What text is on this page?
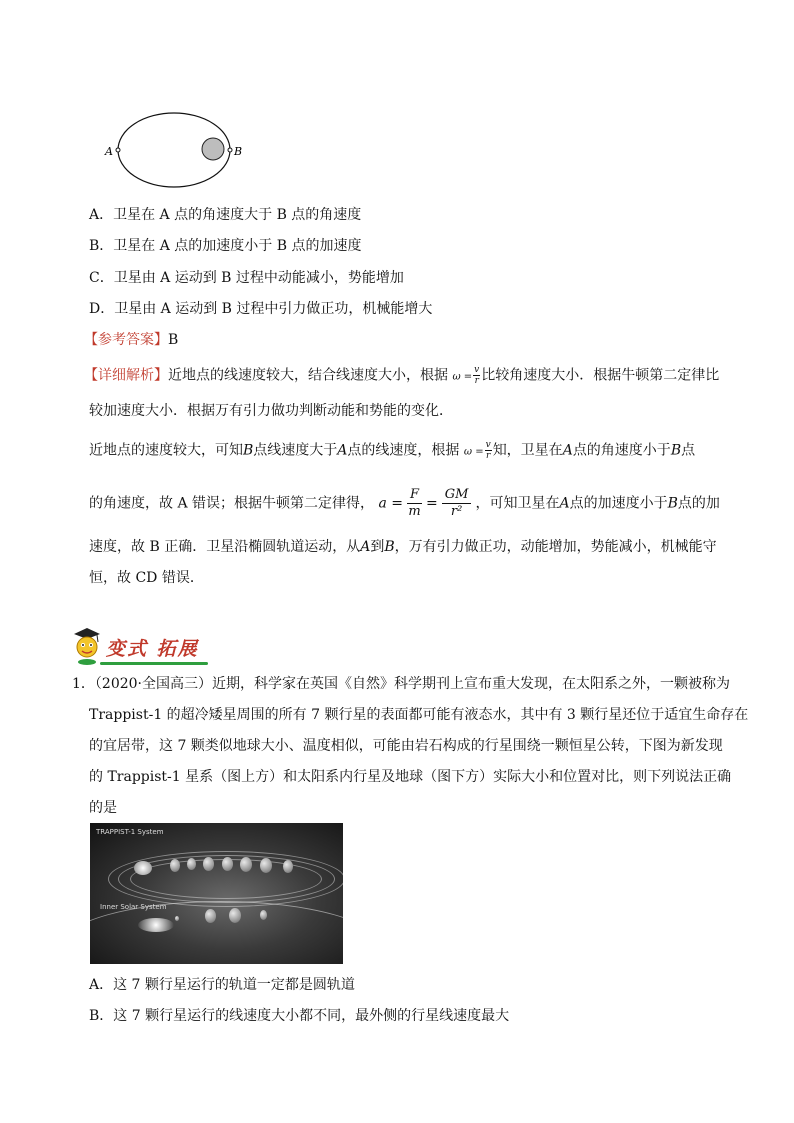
A	B
A．卫星在 A 点的角速度大于 B 点的角速度
B．卫星在 A 点的加速度小于 B 点的加速度
C．卫星由 A 运动到 B 过程中动能减小，势能增加
D．卫星由 A 运动到 B 过程中引力做正功，机械能增大
【参考答案】B
【详细解析】近地点的线速度较大，结合线速度大小，根据 $\omega = \frac{v}{r}$ 比较角速度大小．根据牛顿第二定律比
较加速度大小．根据万有引力做功判断动能和势能的变化．
近地点的速度较大，可知B点线速度大于A点的线速度，根据 $\omega = \frac{v}{r}$ 知，卫星在A点的角速度小于B点
的角速度，故 A 错误；根据牛顿第二定律得， $a = \frac{F}{m} = \frac{GM}{\text{r²}}$ ，可知卫星在A点的加速度小于B点的加
速度，故 B 正确．卫星沿椭圆轨道运动，从A到B，万有引力做正功，动能增加，势能减小，机械能守
恒，故 CD 错误．
变式 拓展
1．（2020·全国高三）近期，科学家在英国《自然》科学期刊上宣布重大发现，在太阳系之外，一颗被称为
Trappist-1 的超冷矮星周围的所有 7 颗行星的表面都可能有液态水，其中有 3 颗行星还位于适宜生命存在
的宜居带，这 7 颗类似地球大小、温度相似，可能由岩石构成的行星围绕一颗恒星公转，下图为新发现
的 Trappist-1 星系（图上方）和太阳系内行星及地球（图下方）实际大小和位置对比，则下列说法正确
的是
TRAPPIST-1 System
Inner Solar System
A．这 7 颗行星运行的轨道一定都是圆轨道
B．这 7 颗行星运行的线速度大小都不同，最外侧的行星线速度最大
